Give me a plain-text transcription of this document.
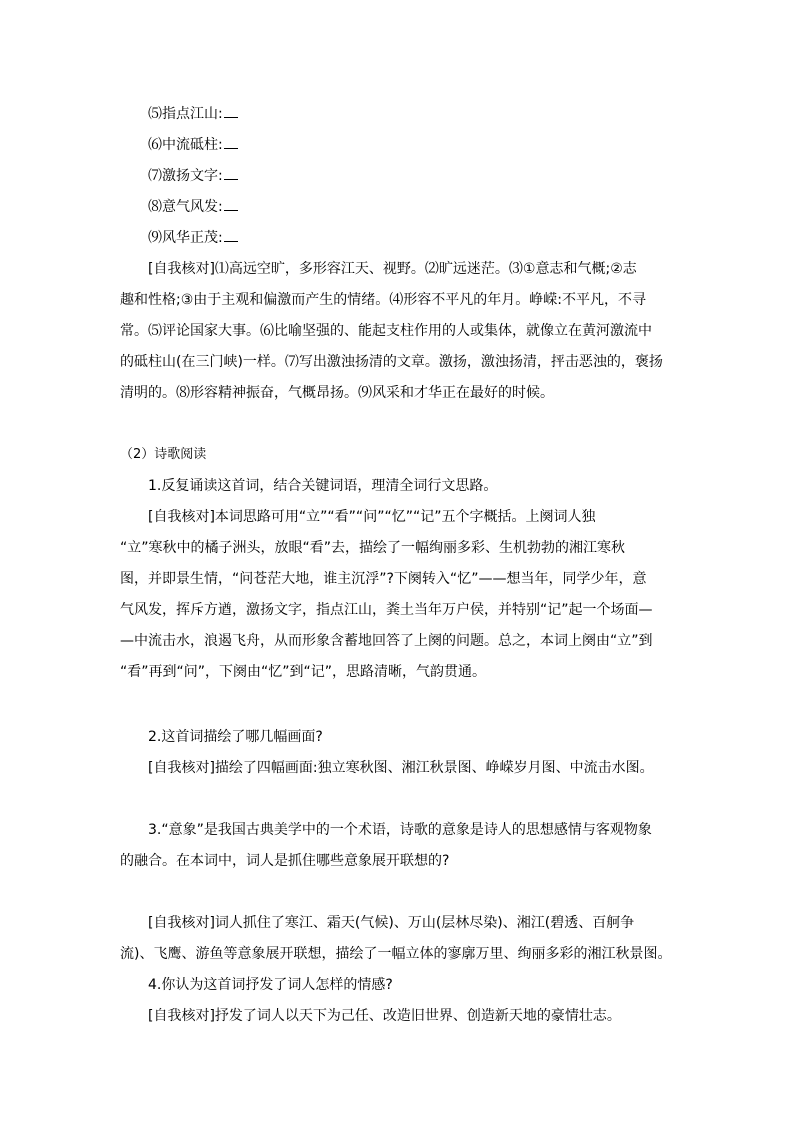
⑸指点江山:
⑹中流砥柱:
⑺激扬文字:
⑻意气风发:
⑼风华正茂:
[自我核对]⑴高远空旷，多形容江天、视野。⑵旷远迷茫。⑶①意志和气概;②志
趣和性格;③由于主观和偏激而产生的情绪。⑷形容不平凡的年月。峥嵘:不平凡，不寻
常。⑸评论国家大事。⑹比喻坚强的、能起支柱作用的人或集体，就像立在黄河激流中
的砥柱山(在三门峡)一样。⑺写出激浊扬清的文章。激扬，激浊扬清，抨击恶浊的，褒扬
清明的。⑻形容精神振奋，气概昂扬。⑼风采和才华正在最好的时候。
（2）诗歌阅读
1.反复诵读这首词，结合关键词语，理清全词行文思路。
[自我核对]本词思路可用“立”“看”“问”“忆”“记”五个字概括。上阕词人独
“立”寒秋中的橘子洲头，放眼“看”去，描绘了一幅绚丽多彩、生机勃勃的湘江寒秋
图，并即景生情，“问苍茫大地，谁主沉浮”?下阕转入“忆”——想当年，同学少年，意
气风发，挥斥方遒，激扬文字，指点江山，粪土当年万户侯，并特别“记”起一个场面—
—中流击水，浪遏飞舟，从而形象含蓄地回答了上阕的问题。总之，本词上阕由“立”到
“看”再到“问”，下阕由“忆”到“记”，思路清晰，气韵贯通。
2.这首词描绘了哪几幅画面?
[自我核对]描绘了四幅画面:独立寒秋图、湘江秋景图、峥嵘岁月图、中流击水图。
3.“意象”是我国古典美学中的一个术语，诗歌的意象是诗人的思想感情与客观物象
的融合。在本词中，词人是抓住哪些意象展开联想的?
[自我核对]词人抓住了寒江、霜天(气候)、万山(层林尽染)、湘江(碧透、百舸争
流)、飞鹰、游鱼等意象展开联想，描绘了一幅立体的寥廓万里、绚丽多彩的湘江秋景图。
4.你认为这首词抒发了词人怎样的情感?
[自我核对]抒发了词人以天下为己任、改造旧世界、创造新天地的豪情壮志。
